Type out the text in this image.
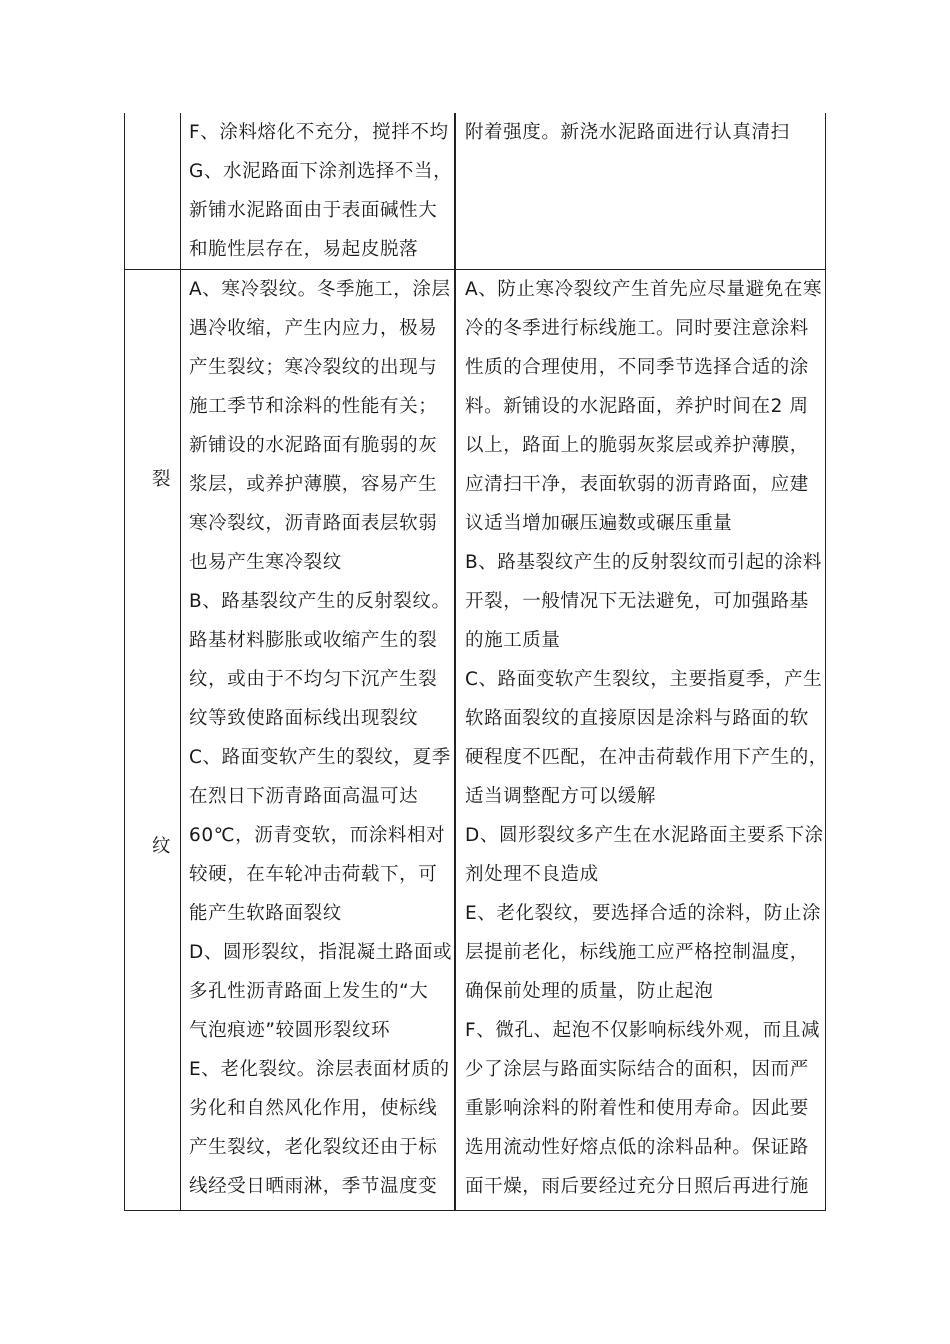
F、涂料熔化不充分，搅拌不均
G、水泥路面下涂剂选择不当，
新铺水泥路面由于表面碱性大
和脆性层存在，易起皮脱落
附着强度。新浇水泥路面进行认真清扫
裂
纹
A、寒冷裂纹。冬季施工，涂层
遇冷收缩，产生内应力，极易
产生裂纹；寒冷裂纹的出现与
施工季节和涂料的性能有关；
新铺设的水泥路面有脆弱的灰
浆层，或养护薄膜，容易产生
寒冷裂纹，沥青路面表层软弱
也易产生寒冷裂纹
B、路基裂纹产生的反射裂纹。
路基材料膨胀或收缩产生的裂
纹，或由于不均匀下沉产生裂
纹等致使路面标线出现裂纹
C、路面变软产生的裂纹，夏季
在烈日下沥青路面高温可达
60℃，沥青变软，而涂料相对
较硬，在车轮冲击荷载下，可
能产生软路面裂纹
D、圆形裂纹，指混凝土路面或
多孔性沥青路面上发生的“大
气泡痕迹”较圆形裂纹环
E、老化裂纹。涂层表面材质的
劣化和自然风化作用，使标线
产生裂纹，老化裂纹还由于标
线经受日晒雨淋，季节温度变
A、防止寒冷裂纹产生首先应尽量避免在寒
冷的冬季进行标线施工。同时要注意涂料
性质的合理使用，不同季节选择合适的涂
料。新铺设的水泥路面，养护时间在2 周
以上，路面上的脆弱灰浆层或养护薄膜，
应清扫干净，表面软弱的沥青路面，应建
议适当增加碾压遍数或碾压重量
B、路基裂纹产生的反射裂纹而引起的涂料
开裂，一般情况下无法避免，可加强路基
的施工质量
C、路面变软产生裂纹，主要指夏季，产生
软路面裂纹的直接原因是涂料与路面的软
硬程度不匹配，在冲击荷载作用下产生的，
适当调整配方可以缓解
D、圆形裂纹多产生在水泥路面主要系下涂
剂处理不良造成
E、老化裂纹，要选择合适的涂料，防止涂
层提前老化，标线施工应严格控制温度，
确保前处理的质量，防止起泡
F、微孔、起泡不仅影响标线外观，而且减
少了涂层与路面实际结合的面积，因而严
重影响涂料的附着性和使用寿命。因此要
选用流动性好熔点低的涂料品种。保证路
面干燥，雨后要经过充分日照后再进行施
